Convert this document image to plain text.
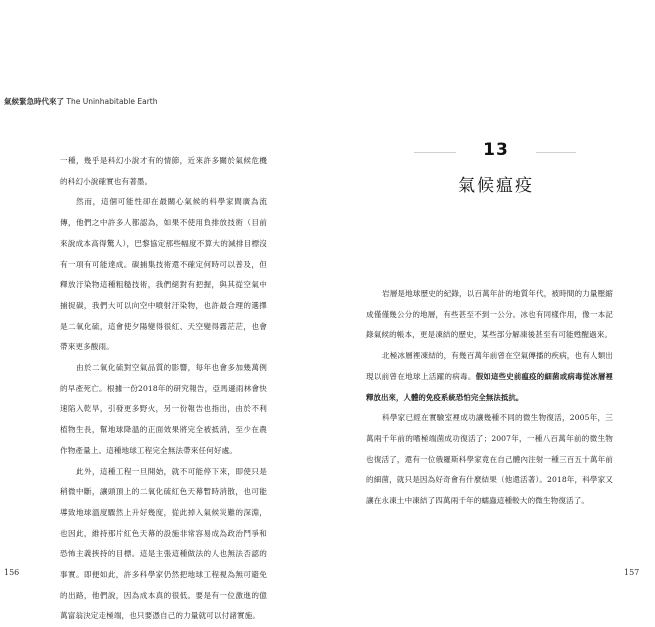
氣候緊急時代來了 The Uninhabitable Earth

一種，幾乎是科幻小說才有的情節，近來許多關於氣候危機的科幻小說確實也有著墨。

然而，這個可能性卻在最關心氣候的科學家間廣為流傳，他們之中許多人都認為，如果不使用負排放技術（目前來說成本高得驚人），巴黎協定那些幅度不算大的減排目標沒有一項有可能達成。碳捕集技術還不確定何時可以普及，但釋放汙染物這種粗糙技術，我們絕對有把握，與其從空氣中捕捉碳，我們大可以向空中噴射汙染物，也許最合理的選擇是二氧化硫，這會使夕陽變得很紅、天空變得霧茫茫，也會帶來更多酸雨。

由於二氧化硫對空氣品質的影響，每年也會多加幾萬例的早產死亡。根據一份2018年的研究報告，亞馬遜雨林會快速陷入乾旱，引發更多野火，另一份報告也指出，由於不利植物生長，幫地球降溫的正面效果將完全被抵消，至少在農作物產量上。這種地球工程完全無法帶來任何好處。

此外，這種工程一旦開始，就不可能停下來，即使只是稍微中斷，讓頭頂上的二氧化硫紅色天幕暫時消散，也可能導致地球溫度驟然上升好幾度，從此掉入氣候災難的深淵，也因此，維持那片紅色天幕的設施非常容易成為政治鬥爭和恐怖主義挾持的目標。這是主張這種做法的人也無法否認的事實。即便如此，許多科學家仍然把地球工程視為無可避免的出路，他們說，因為成本真的很低。要是有一位激進的億萬富翁決定走極端，也只要憑自己的力量就可以付諸實施。

13
氣候瘟疫

岩層是地球歷史的紀錄，以百萬年計的地質年代，被時間的力量壓縮成僅僅幾公分的地層，有些甚至不到一公分。冰也有同樣作用，像一本記錄氣候的帳本，更是凍結的歷史，某些部分解凍後甚至有可能甦醒過來。

北極冰層裡凍結的，有幾百萬年前曾在空氣傳播的疾病，也有人類出現以前曾在地球上活躍的病毒。假如這些史前瘟疫的細菌或病毒從冰層裡釋放出來，人體的免疫系統恐怕完全無法抵抗。

科學家已經在實驗室裡成功讓幾種不同的微生物復活，2005年，三萬兩千年前的嗜極端菌成功復活了；2007年，一種八百萬年前的微生物也復活了，還有一位俄羅斯科學家竟在自己體內注射一種三百五十萬年前的細菌，就只是因為好奇會有什麼結果（他還活著）。2018年，科學家又讓在永凍土中凍結了四萬兩千年的蠕蟲這種較大的微生物復活了。

156	157
